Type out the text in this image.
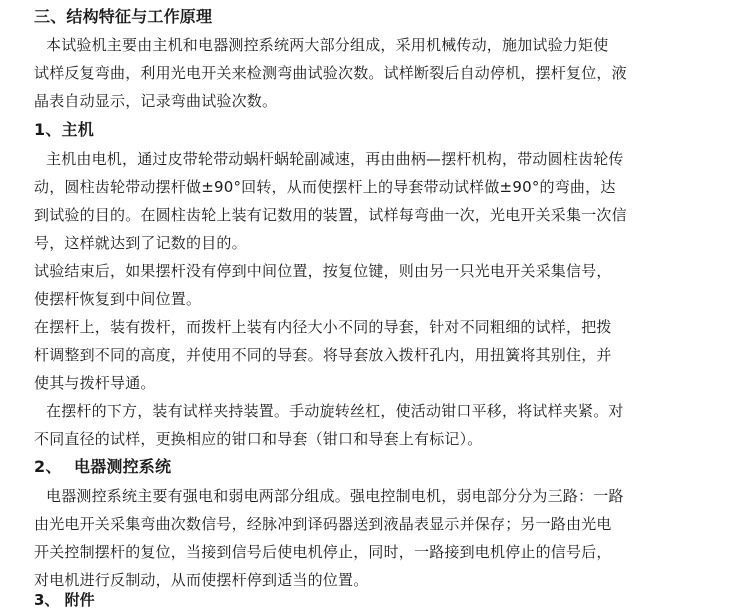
三、结构特征与工作原理
本试验机主要由主机和电器测控系统两大部分组成，采用机械传动，施加试验力矩使
试样反复弯曲，利用光电开关来检测弯曲试验次数。试样断裂后自动停机，摆杆复位，液
晶表自动显示，记录弯曲试验次数。
1、主机
主机由电机，通过皮带轮带动蜗杆蜗轮副减速，再由曲柄—摆杆机构，带动圆柱齿轮传
动，圆柱齿轮带动摆杆做±90°回转，从而使摆杆上的导套带动试样做±90°的弯曲，达
到试验的目的。在圆柱齿轮上装有记数用的装置，试样每弯曲一次，光电开关采集一次信
号，这样就达到了记数的目的。
试验结束后，如果摆杆没有停到中间位置，按复位键，则由另一只光电开关采集信号，
使摆杆恢复到中间位置。
在摆杆上，装有拨杆，而拨杆上装有内径大小不同的导套，针对不同粗细的试样，把拨
杆调整到不同的高度，并使用不同的导套。将导套放入拨杆孔内，用扭簧将其别住，并
使其与拨杆导通。
在摆杆的下方，装有试样夹持装置。手动旋转丝杠，使活动钳口平移，将试样夹紧。对
不同直径的试样，更换相应的钳口和导套（钳口和导套上有标记）。
2、 电器测控系统
电器测控系统主要有强电和弱电两部分组成。强电控制电机，弱电部分分为三路：一路
由光电开关采集弯曲次数信号，经脉冲到译码器送到液晶表显示并保存；另一路由光电
开关控制摆杆的复位，当接到信号后使电机停止，同时，一路接到电机停止的信号后，
对电机进行反制动，从而使摆杆停到适当的位置。
3、 附件
